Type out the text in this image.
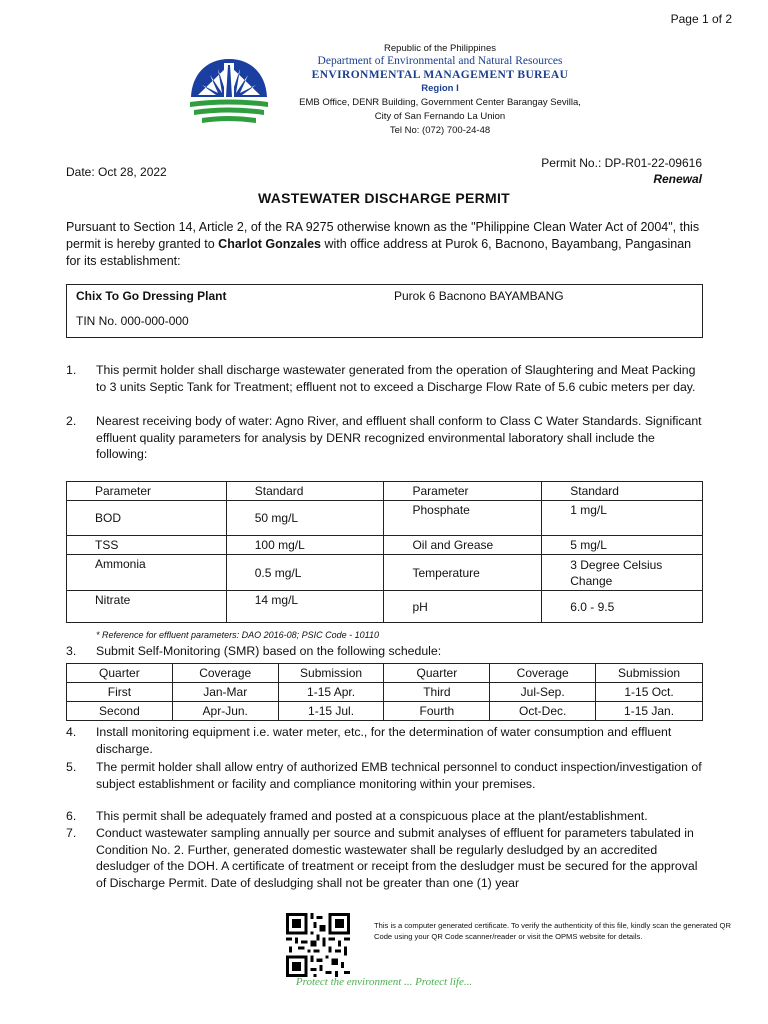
Page 1 of 2
Republic of the Philippines
Department of Environmental and Natural Resources
ENVIRONMENTAL MANAGEMENT BUREAU
Region I
EMB Office, DENR Building, Government Center Barangay Sevilla,
City of San Fernando La Union
Tel No: (072) 700-24-48
Date: Oct 28, 2022
Permit No.: DP-R01-22-09616
Renewal
WASTEWATER DISCHARGE PERMIT
Pursuant to Section 14, Article 2, of the RA 9275 otherwise known as the "Philippine Clean Water Act of 2004", this permit is hereby granted to Charlot Gonzales with office address at Purok 6, Bacnono, Bayambang, Pangasinan for its establishment:
Chix To Go Dressing Plant	Purok 6 Bacnono BAYAMBANG
TIN No. 000-000-000
1. This permit holder shall discharge wastewater generated from the operation of Slaughtering and Meat Packing to 3 units Septic Tank for Treatment; effluent not to exceed a Discharge Flow Rate of 5.6 cubic meters per day.
2. Nearest receiving body of water: Agno River, and effluent shall conform to Class C Water Standards. Significant effluent quality parameters for analysis by DENR recognized environmental laboratory shall include the following:
Parameter	Standard	Parameter	Standard
BOD	50 mg/L	Phosphate	1 mg/L
TSS	100 mg/L	Oil and Grease	5 mg/L
Ammonia	0.5 mg/L	Temperature	3 Degree Celsius Change
Nitrate	14 mg/L	pH	6.0 - 9.5
* Reference for effluent parameters: DAO 2016-08; PSIC Code - 10110
3. Submit Self-Monitoring (SMR) based on the following schedule:
Quarter	Coverage	Submission	Quarter	Coverage	Submission
First	Jan-Mar	1-15 Apr.	Third	Jul-Sep.	1-15 Oct.
Second	Apr-Jun.	1-15 Jul.	Fourth	Oct-Dec.	1-15 Jan.
4. Install monitoring equipment i.e. water meter, etc., for the determination of water consumption and effluent discharge.
5. The permit holder shall allow entry of authorized EMB technical personnel to conduct inspection/investigation of subject establishment or facility and compliance monitoring within your premises.
6. This permit shall be adequately framed and posted at a conspicuous place at the plant/establishment.
7. Conduct wastewater sampling annually per source and submit analyses of effluent for parameters tabulated in Condition No. 2. Further, generated domestic wastewater shall be regularly desludged by an accredited desludger of the DOH. A certificate of treatment or receipt from the desludger must be secured for the approval of Discharge Permit. Date of desludging shall not be greater than one (1) year
This is a computer generated certificate. To verify the authenticity of this file, kindly scan the generated QR Code using your QR Code scanner/reader or visit the OPMS website for details.
Protect the environment ... Protect life...
